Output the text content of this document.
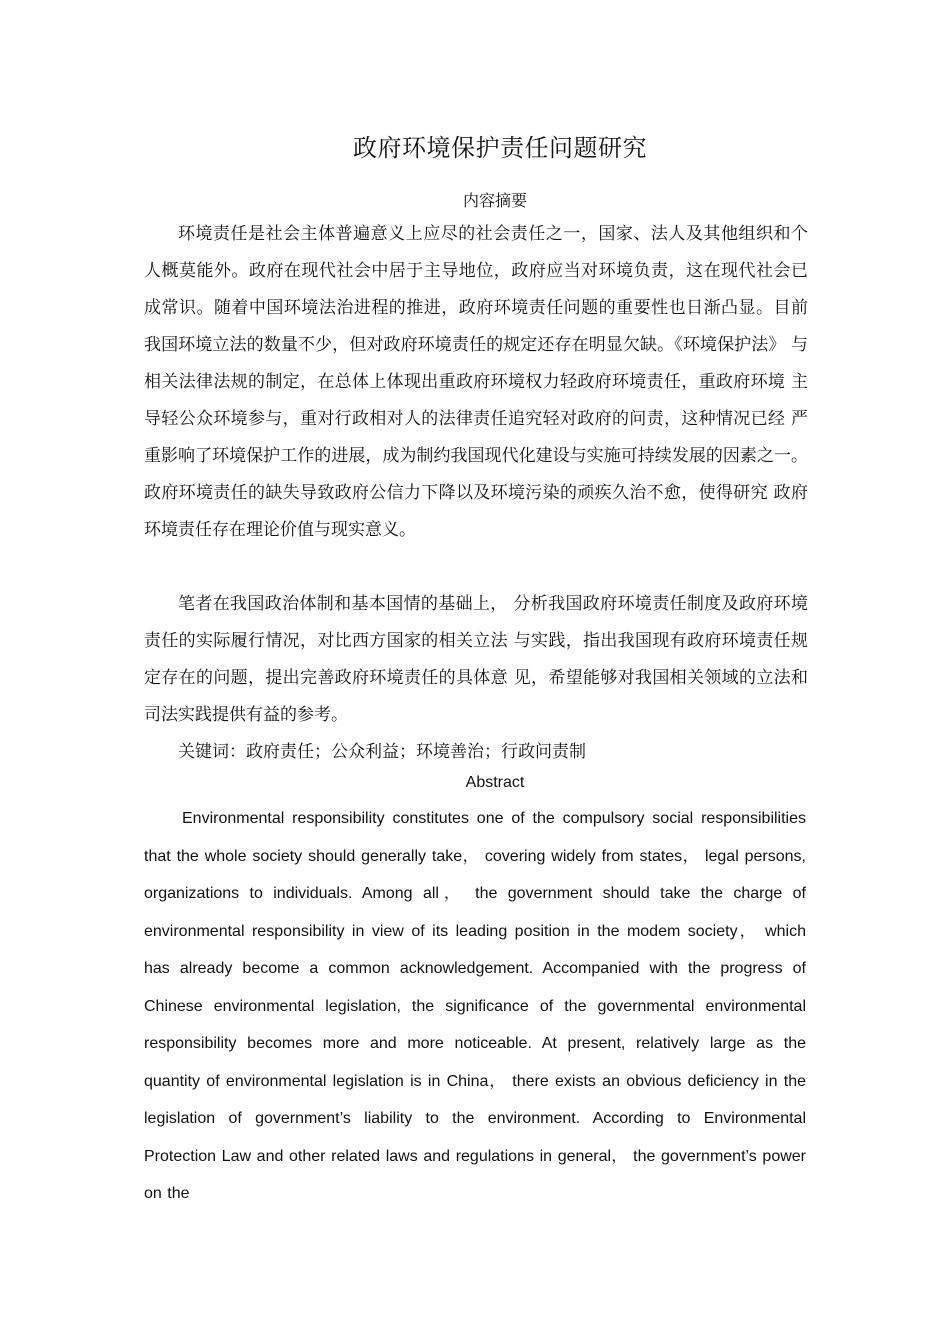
政府环境保护责任问题研究
内容摘要

环境责任是社会主体普遍意义上应尽的社会责任之一，国家、法人及其他组织和个 人概莫能外。政府在现代社会中居于主导地位，政府应当对环境负责，这在现代社会已 成常识。随着中国环境法治进程的推进，政府环境责任问题的重要性也日渐凸显。目前 我国环境立法的数量不少，但对政府环境责任的规定还存在明显欠缺。《环境保护法》 与相关法律法规的制定，在总体上体现出重政府环境权力轻政府环境责任，重政府环境 主导轻公众环境参与，重对行政相对人的法律责任追究轻对政府的问责，这种情况已经 严重影响了环境保护工作的进展，成为制约我国现代化建设与实施可持续发展的因素之一。政府环境责任的缺失导致政府公信力下降以及环境污染的顽疾久治不愈，使得研究 政府环境责任存在理论价值与现实意义。

笔者在我国政治体制和基本国情的基础上， 分析我国政府环境责任制度及政府环境责任的实际履行情况，对比西方国家的相关立法 与实践，指出我国现有政府环境责任规定存在的问题，提出完善政府环境责任的具体意 见，希望能够对我国相关领域的立法和司法实践提供有益的参考。

关键词：政府责任；公众利益；环境善治；行政问责制
Abstract

Environmental responsibility constitutes one of the compulsory social responsibilities that the whole society should generally take， covering widely from states， legal persons, organizations to individuals. Among all， the government should take the charge of environmental responsibility in view of its leading position in the modem society， which has already become a common acknowledgement. Accompanied with the progress of Chinese environmental legislation, the significance of the governmental environmental responsibility becomes more and more noticeable. At present, relatively large as the quantity of environmental legislation is in China， there exists an obvious deficiency in the legislation of government’s liability to the environment. According to Environmental Protection Law and other related laws and regulations in general， the government’s power on the
